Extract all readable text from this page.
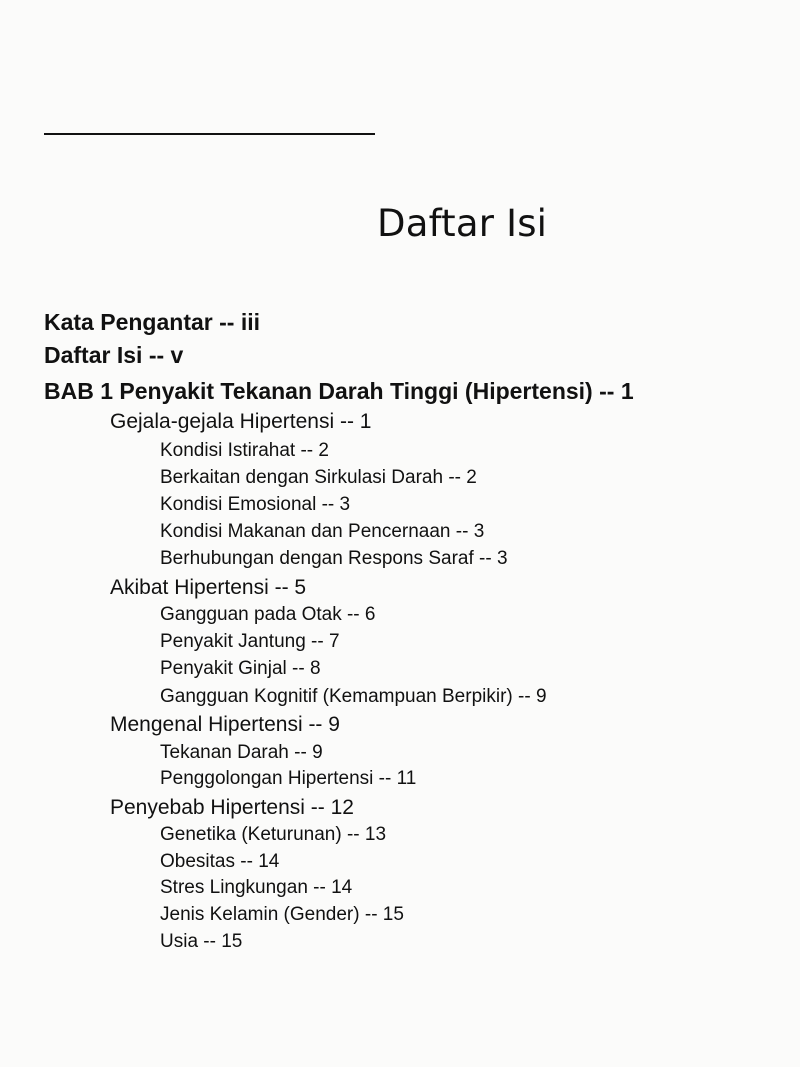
Daftar Isi
Kata Pengantar -- iii
Daftar Isi -- v
BAB 1 Penyakit Tekanan Darah Tinggi (Hipertensi) -- 1
Gejala-gejala Hipertensi -- 1
Kondisi Istirahat -- 2
Berkaitan dengan Sirkulasi Darah -- 2
Kondisi Emosional -- 3
Kondisi Makanan dan Pencernaan -- 3
Berhubungan dengan Respons Saraf -- 3
Akibat Hipertensi -- 5
Gangguan pada Otak -- 6
Penyakit Jantung -- 7
Penyakit Ginjal -- 8
Gangguan Kognitif (Kemampuan Berpikir) -- 9
Mengenal Hipertensi -- 9
Tekanan Darah -- 9
Penggolongan Hipertensi -- 11
Penyebab Hipertensi -- 12
Genetika (Keturunan) -- 13
Obesitas -- 14
Stres Lingkungan -- 14
Jenis Kelamin (Gender) -- 15
Usia -- 15
